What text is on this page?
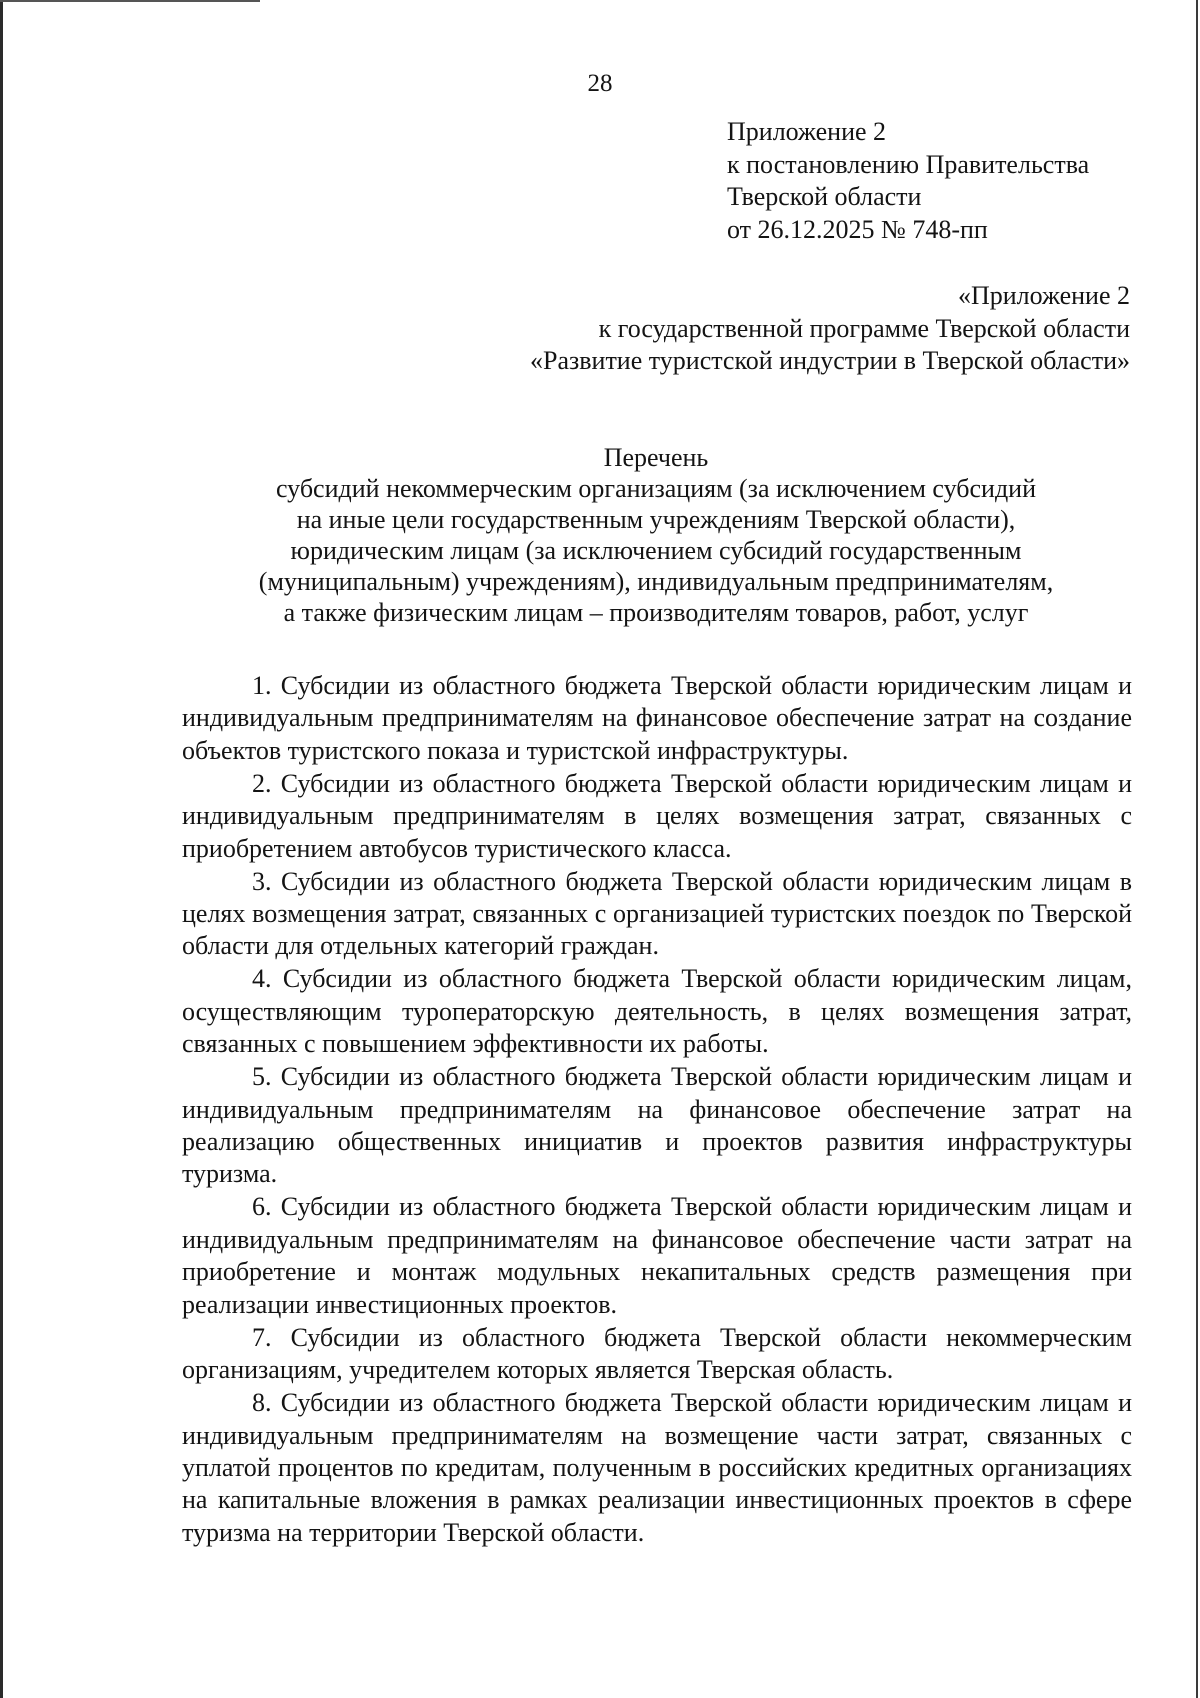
28
Приложение 2
к постановлению Правительства
Тверской области
от 26.12.2025 № 748-пп
«Приложение 2
к государственной программе Тверской области
«Развитие туристской индустрии в Тверской области»
Перечень
субсидий некоммерческим организациям (за исключением субсидий
на иные цели государственным учреждениям Тверской области),
юридическим лицам (за исключением субсидий государственным
(муниципальным) учреждениям), индивидуальным предпринимателям,
а также физическим лицам – производителям товаров, работ, услуг

1. Субсидии из областного бюджета Тверской области юридическим лицам и индивидуальным предпринимателям на финансовое обеспечение затрат на создание объектов туристского показа и туристской инфраструктуры.

2. Субсидии из областного бюджета Тверской области юридическим лицам и индивидуальным предпринимателям в целях возмещения затрат, связанных с приобретением автобусов туристического класса.

3. Субсидии из областного бюджета Тверской области юридическим лицам в целях возмещения затрат, связанных с организацией туристских поездок по Тверской области для отдельных категорий граждан.

4. Субсидии из областного бюджета Тверской области юридическим лицам, осуществляющим туроператорскую деятельность, в целях возмещения затрат, связанных с повышением эффективности их работы.

5. Субсидии из областного бюджета Тверской области юридическим лицам и индивидуальным предпринимателям на финансовое обеспечение затрат на реализацию общественных инициатив и проектов развития инфраструктуры туризма.

6. Субсидии из областного бюджета Тверской области юридическим лицам и индивидуальным предпринимателям на финансовое обеспечение части затрат на приобретение и монтаж модульных некапитальных средств размещения при реализации инвестиционных проектов.

7. Субсидии из областного бюджета Тверской области некоммерческим организациям, учредителем которых является Тверская область.

8. Субсидии из областного бюджета Тверской области юридическим лицам и индивидуальным предпринимателям на возмещение части затрат, связанных с уплатой процентов по кредитам, полученным в российских кредитных организациях на капитальные вложения в рамках реализации инвестиционных проектов в сфере туризма на территории Тверской области.
